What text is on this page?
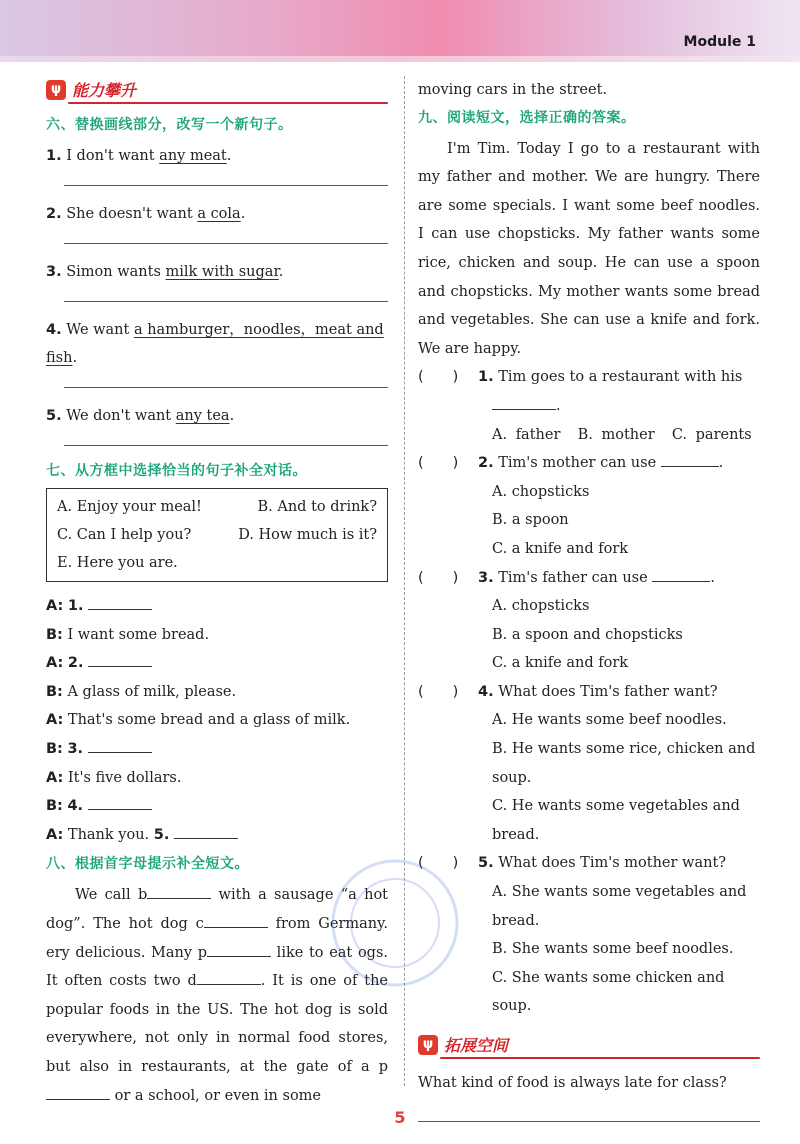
Module 1
ψ 能力攀升
六、替换画线部分，改写一个新句子。
1. I don't want any meat.
2. She doesn't want a cola.
3. Simon wants milk with sugar.
4. We want a hamburger，noodles，meat and
fish.
5. We don't want any tea.
七、从方框中选择恰当的句子补全对话。
A. Enjoy your meal!	B. And to drink?
C. Can I help you?	D. How much is it?
E. Here you are.
A: 1.
B: I want some bread.
A: 2.
B: A glass of milk, please.
A: That's some bread and a glass of milk.
B: 3.
A: It's five dollars.
B: 4.
A: Thank you. 5.
八、根据首字母提示补全短文。
We call b	with a sausage “a hot dog”. The hot dog c	from Germany. ery delicious. Many p	like to eat ogs. It often costs two d	. It is one of the popular foods in the US. The hot dog is sold everywhere, not only in normal food stores, but also in restaurants, at the gate of a p or a school, or even in some
moving cars in the street.
九、阅读短文，选择正确的答案。
I'm Tim. Today I go to a restaurant with my father and mother. We are hungry. There are some specials. I want some beef noodles. I can use chopsticks. My father wants some rice, chicken and soup. He can use a spoon and chopsticks. My mother wants some bread and vegetables. She can use a knife and fork. We are happy.
(　　)	1. Tim goes to a restaurant with his
.
A. father B. mother C. parents
(　　)	2. Tim's mother can use	.
A. chopsticks
B. a spoon
C. a knife and fork
(　　)	3. Tim's father can use	.
A. chopsticks
B. a spoon and chopsticks
C. a knife and fork
(　　)	4. What does Tim's father want?
A. He wants some beef noodles.
B. He wants some rice, chicken and soup.
C. He wants some vegetables and bread.
(　　)	5. What does Tim's mother want?
A. She wants some vegetables and bread.
B. She wants some beef noodles.
C. She wants some chicken and soup.
ψ 拓展空间
What kind of food is always late for class?
5
